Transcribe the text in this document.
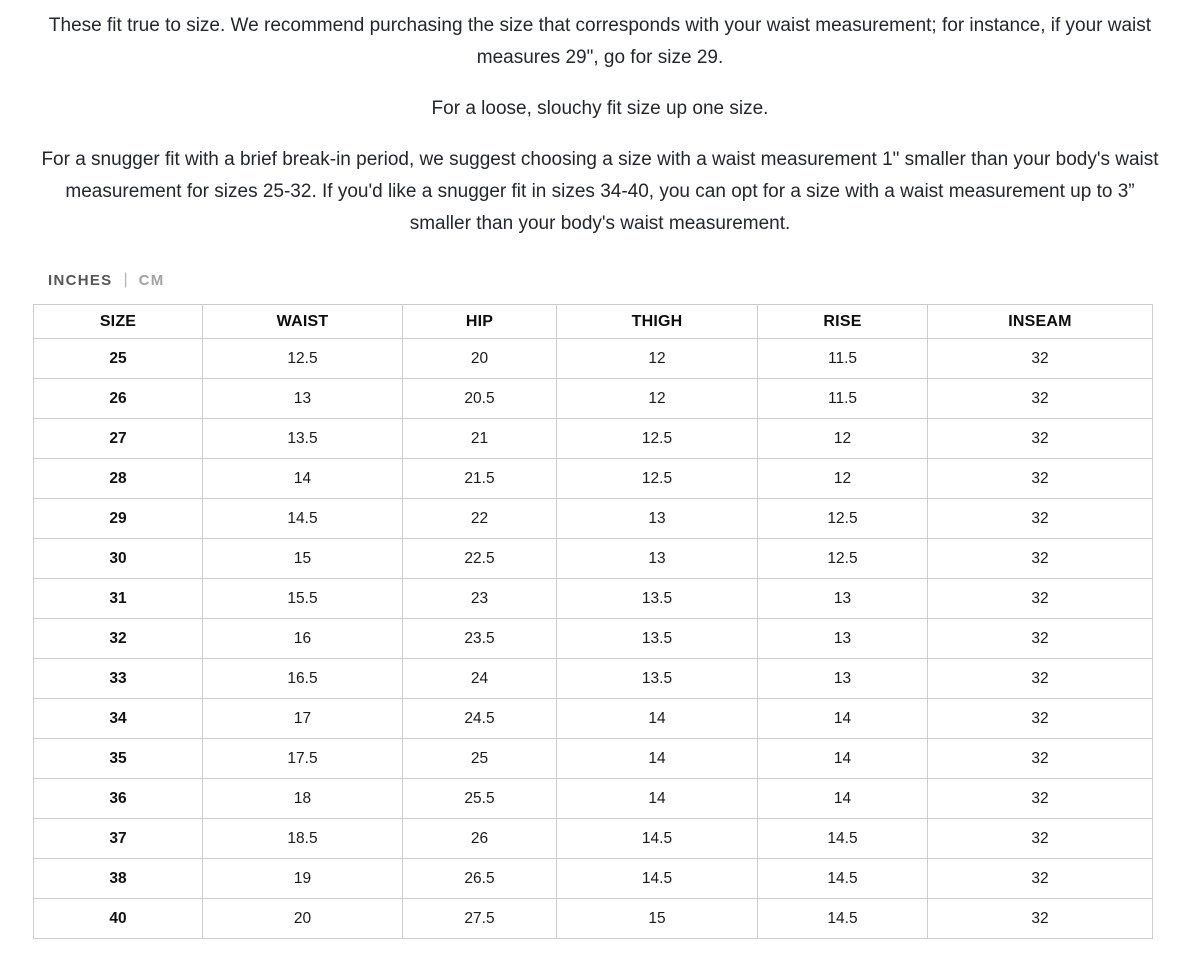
These fit true to size. We recommend purchasing the size that corresponds with your waist measurement; for instance, if your waist measures 29", go for size 29.

For a loose, slouchy fit size up one size.

For a snugger fit with a brief break-in period, we suggest choosing a size with a waist measurement 1" smaller than your body's waist measurement for sizes 25-32. If you'd like a snugger fit in sizes 34-40, you can opt for a size with a waist measurement up to 3” smaller than your body's waist measurement.

INCHES | CM
SIZE	WAIST	HIP	THIGH	RISE	INSEAM
25	12.5	20	12	11.5	32
26	13	20.5	12	11.5	32
27	13.5	21	12.5	12	32
28	14	21.5	12.5	12	32
29	14.5	22	13	12.5	32
30	15	22.5	13	12.5	32
31	15.5	23	13.5	13	32
32	16	23.5	13.5	13	32
33	16.5	24	13.5	13	32
34	17	24.5	14	14	32
35	17.5	25	14	14	32
36	18	25.5	14	14	32
37	18.5	26	14.5	14.5	32
38	19	26.5	14.5	14.5	32
40	20	27.5	15	14.5	32
